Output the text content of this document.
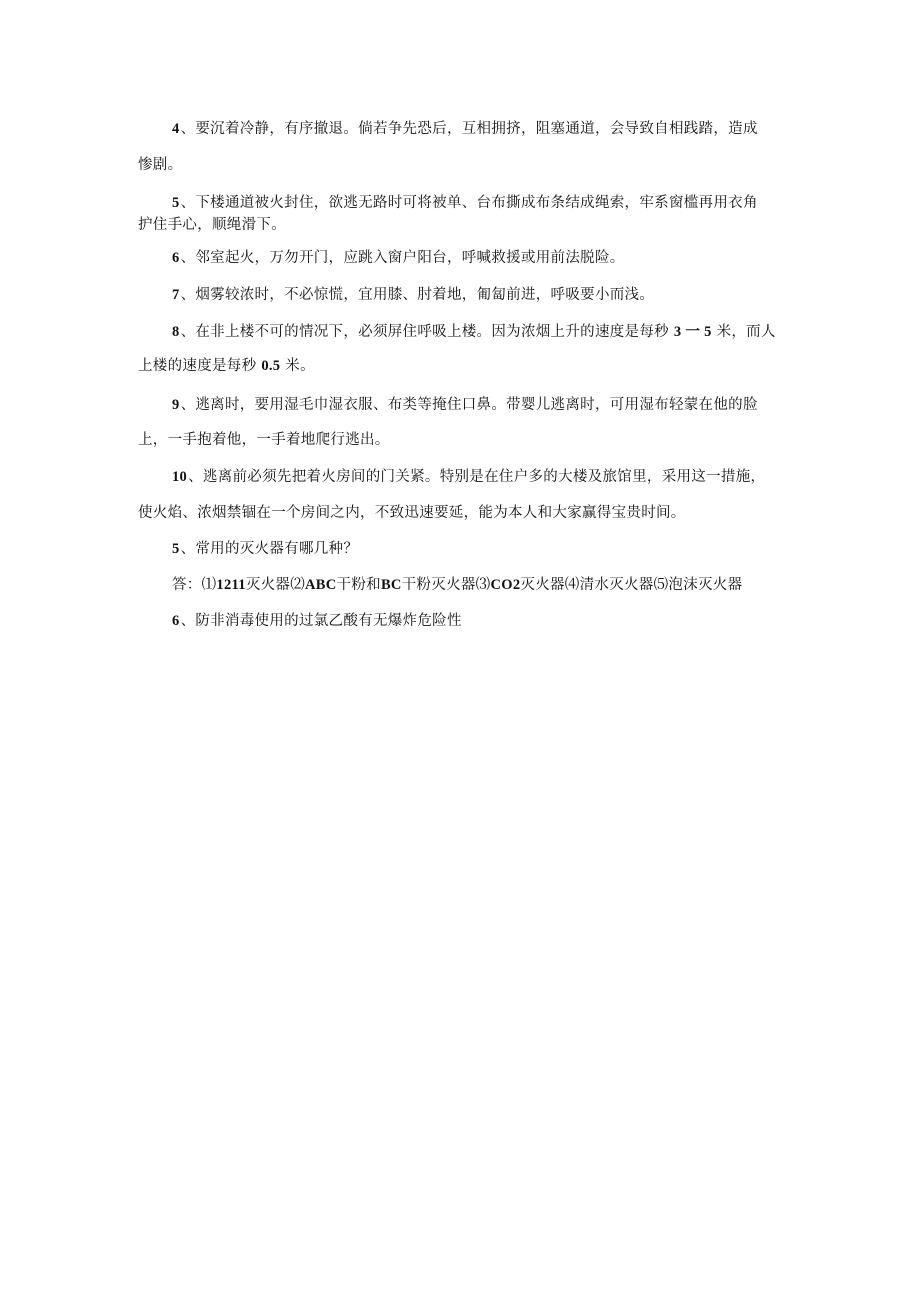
4、要沉着冷静，有序撤退。倘若争先恐后，互相拥挤，阻塞通道，会导致自相践踏，造成
惨剧。
5、下楼通道被火封住，欲逃无路时可将被单、台布撕成布条结成绳索，牢系窗槛再用衣角
护住手心，顺绳滑下。
6、邻室起火，万勿开门，应跳入窗户阳台，呼喊救援或用前法脱险。
7、烟雾较浓时，不必惊慌，宜用膝、肘着地，匍匐前进，呼吸要小而浅。
8、在非上楼不可的情况下，必须屏住呼吸上楼。因为浓烟上升的速度是每秒 3 一 5 米，而人
上楼的速度是每秒 0.5 米。
9、逃离时，要用湿毛巾湿衣服、布类等掩住口鼻。带婴儿逃离时，可用湿布轻蒙在他的脸
上，一手抱着他，一手着地爬行逃出。
10、逃离前必须先把着火房间的门关紧。特别是在住户多的大楼及旅馆里，采用这一措施，
使火焰、浓烟禁锢在一个房间之内，不致迅速要延，能为本人和大家赢得宝贵时间。
5、常用的灭火器有哪几种？
答：⑴1211灭火器⑵ABC干粉和BC干粉灭火器⑶CO2灭火器⑷清水灭火器⑸泡沫灭火器
6、防非消毒使用的过氯乙酸有无爆炸危险性
